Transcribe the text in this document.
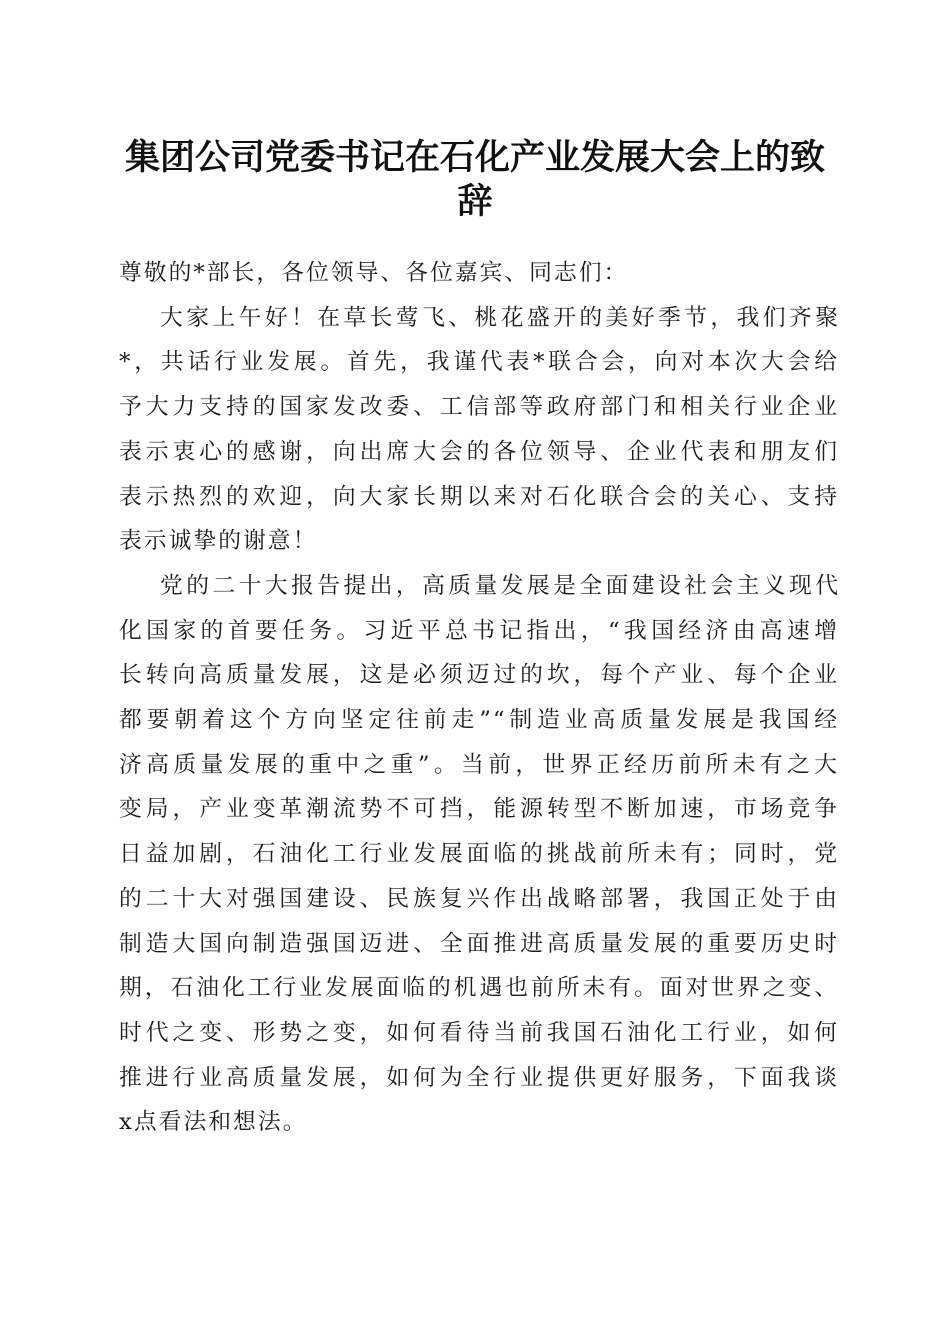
集团公司党委书记在石化产业发展大会上的致
辞
尊敬的*部长，各位领导、各位嘉宾、同志们：
大家上午好！在草长莺飞、桃花盛开的美好季节，我们齐聚
*，共话行业发展。首先，我谨代表*联合会，向对本次大会给
予大力支持的国家发改委、工信部等政府部门和相关行业企业
表示衷心的感谢，向出席大会的各位领导、企业代表和朋友们
表示热烈的欢迎，向大家长期以来对石化联合会的关心、支持
表示诚挚的谢意！
党的二十大报告提出，高质量发展是全面建设社会主义现代
化国家的首要任务。习近平总书记指出，“我国经济由高速增
长转向高质量发展，这是必须迈过的坎，每个产业、每个企业
都要朝着这个方向坚定往前走”“制造业高质量发展是我国经
济高质量发展的重中之重”。当前，世界正经历前所未有之大
变局，产业变革潮流势不可挡，能源转型不断加速，市场竞争
日益加剧，石油化工行业发展面临的挑战前所未有；同时，党
的二十大对强国建设、民族复兴作出战略部署，我国正处于由
制造大国向制造强国迈进、全面推进高质量发展的重要历史时
期，石油化工行业发展面临的机遇也前所未有。面对世界之变、
时代之变、形势之变，如何看待当前我国石油化工行业，如何
推进行业高质量发展，如何为全行业提供更好服务，下面我谈
x点看法和想法。
